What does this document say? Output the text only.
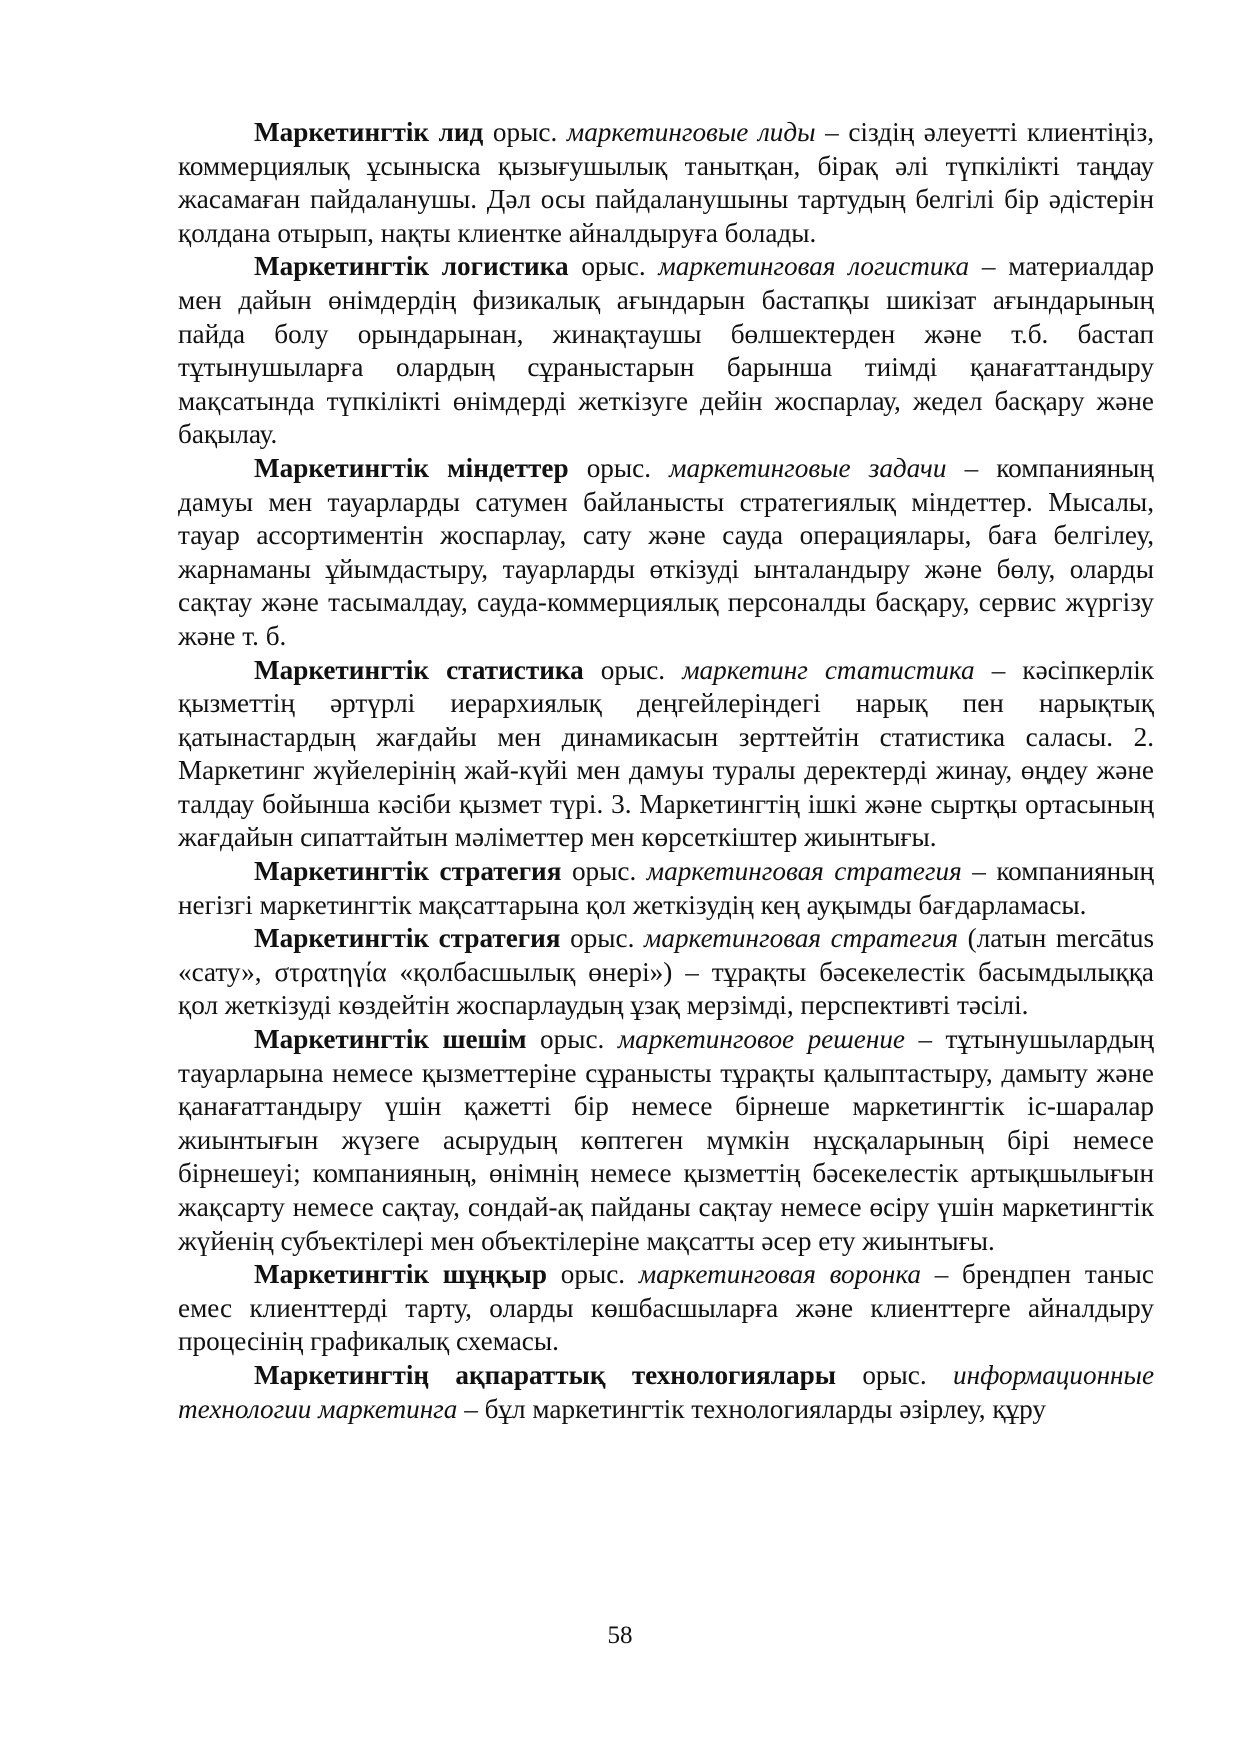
Маркетингтік лид орыс. маркетинговые лиды – сіздің әлеуетті клиентіңіз, коммерциялық ұсыныска қызығушылық танытқан, бірақ әлі түпкілікті таңдау жасамаған пайдаланушы. Дәл осы пайдаланушыны тартудың белгілі бір әдістерін қолдана отырып, нақты клиентке айналдыруға болады.

Маркетингтік логистика орыс. маркетинговая логистика – материалдар мен дайын өнімдердің физикалық ағындарын бастапқы шикізат ағындарының пайда болу орындарынан, жинақтаушы бөлшектерден және т.б. бастап тұтынушыларға олардың сұраныстарын барынша тиімді қанағаттандыру мақсатында түпкілікті өнімдерді жеткізуге дейін жоспарлау, жедел басқару және бақылау.

Маркетингтік міндеттер орыс. маркетинговые задачи – компанияның дамуы мен тауарларды сатумен байланысты стратегиялық міндеттер. Мысалы, тауар ассортиментін жоспарлау, сату және сауда операциялары, баға белгілеу, жарнаманы ұйымдастыру, тауарларды өткізуді ынталандыру және бөлу, оларды сақтау және тасымалдау, сауда-коммерциялық персоналды басқару, сервис жүргізу және т. б.

Маркетингтік статистика орыс. маркетинг статистика – кәсіпкерлік қызметтің әртүрлі иерархиялық деңгейлеріндегі нарық пен нарықтық қатынастардың жағдайы мен динамикасын зерттейтін статистика саласы. 2. Маркетинг жүйелерінің жай-күйі мен дамуы туралы деректерді жинау, өңдеу және талдау бойынша кәсіби қызмет түрі. 3. Маркетингтің ішкі және сыртқы ортасының жағдайын сипаттайтын мәліметтер мен көрсеткіштер жиынтығы.

Маркетингтік стратегия орыс. маркетинговая стратегия – компанияның негізгі маркетингтік мақсаттарына қол жеткізудің кең ауқымды бағдарламасы.

Маркетингтік стратегия орыс. маркетинговая стратегия (латын mercātus «сату», στρατηγία «қолбасшылық өнері») – тұрақты бәсекелестік басымдылыққа қол жеткізуді көздейтін жоспарлаудың ұзақ мерзімді, перспективті тәсілі.

Маркетингтік шешім орыс. маркетинговое решение – тұтынушылардың тауарларына немесе қызметтеріне сұранысты тұрақты қалыптастыру, дамыту және қанағаттандыру үшін қажетті бір немесе бірнеше маркетингтік іс-шаралар жиынтығын жүзеге асырудың көптеген мүмкін нұсқаларының бірі немесе бірнешеуі; компанияның, өнімнің немесе қызметтің бәсекелестік артықшылығын жақсарту немесе сақтау, сондай-ақ пайданы сақтау немесе өсіру үшін маркетингтік жүйенің субъектілері мен объектілеріне мақсатты әсер ету жиынтығы.

Маркетингтік шұңқыр орыс. маркетинговая воронка – брендпен таныс емес клиенттерді тарту, оларды көшбасшыларға және клиенттерге айналдыру процесінің графикалық схемасы.

Маркетингтің ақпараттық технологиялары орыс. информационные технологии маркетинга – бұл маркетингтік технологияларды әзірлеу, құру

58
